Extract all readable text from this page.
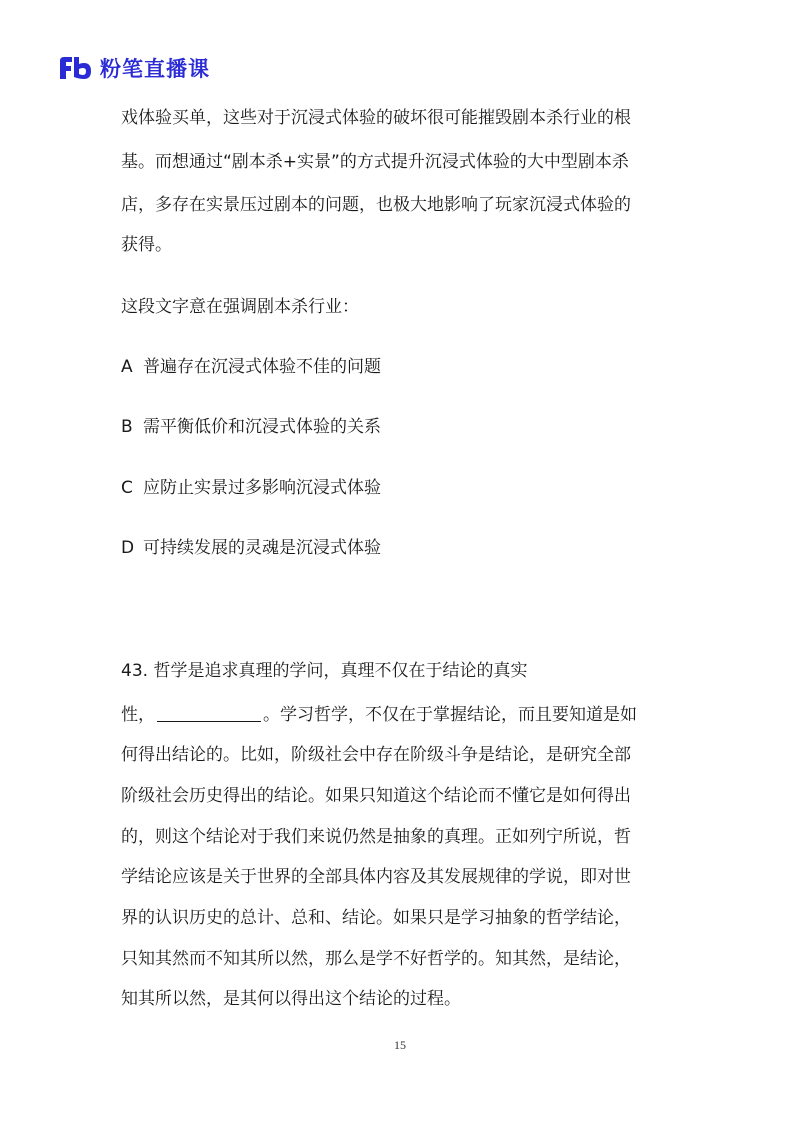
粉笔直播课
戏体验买单，这些对于沉浸式体验的破坏很可能摧毁剧本杀行业的根
基。而想通过“剧本杀+实景”的方式提升沉浸式体验的大中型剧本杀
店，多存在实景压过剧本的问题，也极大地影响了玩家沉浸式体验的
获得。
这段文字意在强调剧本杀行业：
A 普遍存在沉浸式体验不佳的问题
B 需平衡低价和沉浸式体验的关系
C 应防止实景过多影响沉浸式体验
D 可持续发展的灵魂是沉浸式体验
43. 哲学是追求真理的学问，真理不仅在于结论的真实
性，	。学习哲学，不仅在于掌握结论，而且要知道是如
何得出结论的。比如，阶级社会中存在阶级斗争是结论，是研究全部
阶级社会历史得出的结论。如果只知道这个结论而不懂它是如何得出
的，则这个结论对于我们来说仍然是抽象的真理。正如列宁所说，哲
学结论应该是关于世界的全部具体内容及其发展规律的学说，即对世
界的认识历史的总计、总和、结论。如果只是学习抽象的哲学结论，
只知其然而不知其所以然，那么是学不好哲学的。知其然，是结论，
知其所以然，是其何以得出这个结论的过程。
15
